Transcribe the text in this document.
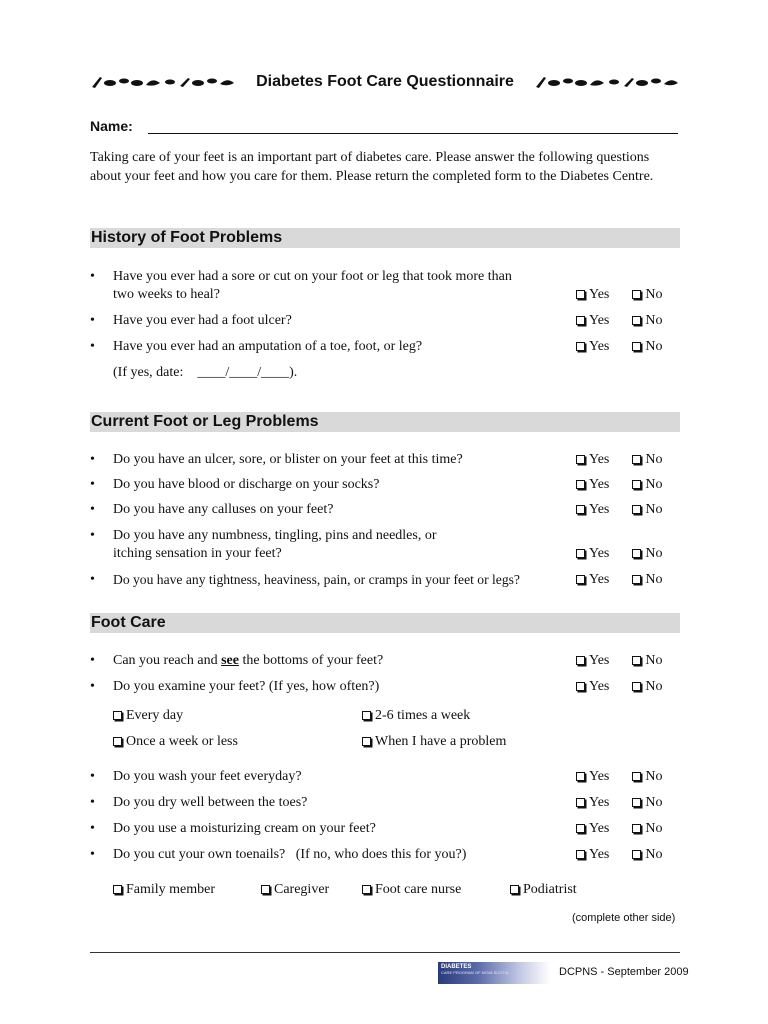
Diabetes Foot Care Questionnaire
Name:
Taking care of your feet is an important part of diabetes care. Please answer the following questions about your feet and how you care for them. Please return the completed form to the Diabetes Centre.
History of Foot Problems
• Have you ever had a sore or cut on your foot or leg that took more than
two weeks to heal?	Yes	No
• Have you ever had a foot ulcer?	Yes	No
• Have you ever had an amputation of a toe, foot, or leg?	Yes	No
(If yes, date:    ____/____/____).
Current Foot or Leg Problems
• Do you have an ulcer, sore, or blister on your feet at this time?	Yes	No
• Do you have blood or discharge on your socks?	Yes	No
• Do you have any calluses on your feet?	Yes	No
• Do you have any numbness, tingling, pins and needles, or
itching sensation in your feet?	Yes	No
• Do you have any tightness, heaviness, pain, or cramps in your feet or legs?	Yes	No
Foot Care
• Can you reach and see the bottoms of your feet?	Yes	No
• Do you examine your feet? (If yes, how often?)	Yes	No
Every day	2-6 times a week
Once a week or less	When I have a problem
• Do you wash your feet everyday?	Yes	No
• Do you dry well between the toes?	Yes	No
• Do you use a moisturizing cream on your feet?	Yes	No
• Do you cut your own toenails?   (If no, who does this for you?)	Yes	No
Family member	Caregiver	Foot care nurse	Podiatrist
(complete other side)
DIABETES
CARE PROGRAM OF NOVA SCOTIA	DCPNS - September 2009
